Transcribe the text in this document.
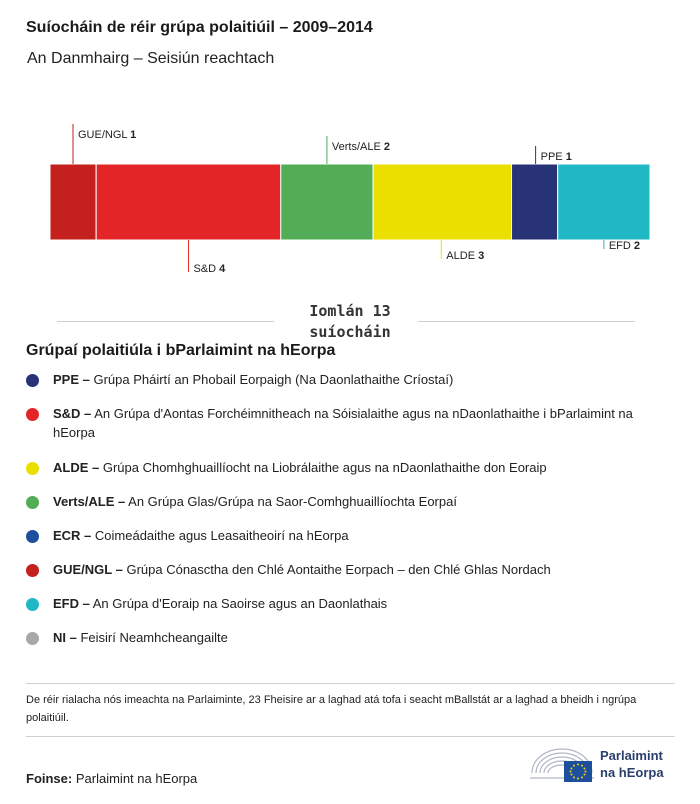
Suíocháin de réir grúpa polaitiúil – 2009–2014
An Danmhairg – Seisiún reachtach
GUE/NGL 1
S&D 4
Verts/ALE 2
ALDE 3
PPE 1
EFD 2
Iomlán 13
suíocháin
Grúpaí polaitiúla i bParlaimint na hEorpa
PPE – Grúpa Pháirtí an Phobail Eorpaigh (Na Daonlathaithe Críostaí)
S&D – An Grúpa d'Aontas Forchéimnitheach na Sóisialaithe agus na nDaonlathaithe i bParlaimint na hEorpa
ALDE – Grúpa Chomhghuaillíocht na Liobrálaithe agus na nDaonlathaithe don Eoraip
Verts/ALE – An Grúpa Glas/Grúpa na Saor-Comhghuaillíochta Eorpaí
ECR – Coimeádaithe agus Leasaitheoirí na hEorpa
GUE/NGL – Grúpa Cónasctha den Chlé Aontaithe Eorpach – den Chlé Ghlas Nordach
EFD – An Grúpa d'Eoraip na Saoirse agus an Daonlathais
NI – Feisirí Neamhcheangailte
De réir rialacha nós imeachta na Parlaiminte, 23 Fheisire ar a laghad atá tofa i seacht mBallstát ar a laghad a bheidh i ngrúpa polaitiúil.
Foinse: Parlaimint na hEorpa
Parlaimint
na hEorpa
